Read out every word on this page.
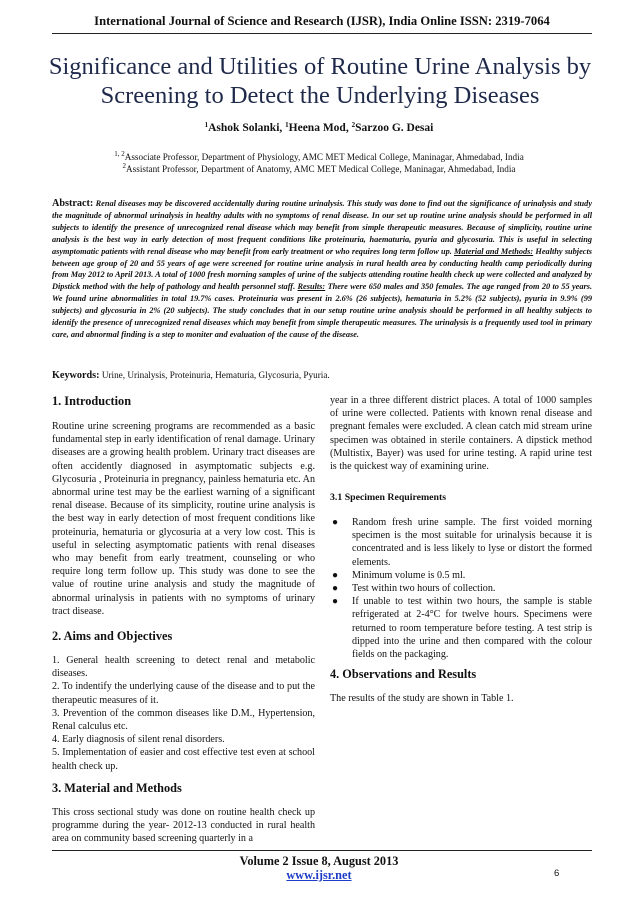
International Journal of Science and Research (IJSR), India Online ISSN: 2319-7064
Significance and Utilities of Routine Urine Analysis by Screening to Detect the Underlying Diseases
$^1$Ashok Solanki, $^1$Heena Mod, $^2$Sarzoo G. Desai
$^{1, 2}$Associate Professor, Department of Physiology, AMC MET Medical College, Maninagar, Ahmedabad, India
$^2$Assistant Professor, Department of Anatomy, AMC MET Medical College, Maninagar, Ahmedabad, India
Abstract: Renal diseases may be discovered accidentally during routine urinalysis. This study was done to find out the significance of urinalysis and study the magnitude of abnormal urinalysis in healthy adults with no symptoms of renal disease. In our set up routine urine analysis should be performed in all subjects to identify the presence of unrecognized renal disease which may benefit from simple therapeutic measures. Because of simplicity, routine urine analysis is the best way in early detection of most frequent conditions like proteinuria, haematuria, pyuria and glycosuria. This is useful in selecting asymptomatic patients with renal disease who may benefit from early treatment or who requires long term follow up. Material and Methods: Healthy subjects between age group of 20 and 55 years of age were screened for routine urine analysis in rural health area by conducting health camp periodically during from May 2012 to April 2013. A total of 1000 fresh morning samples of urine of the subjects attending routine health check up were collected and analyzed by Dipstick method with the help of pathology and health personnel staff. Results: There were 650 males and 350 females. The age ranged from 20 to 55 years. We found urine abnormalities in total 19.7% cases. Proteinuria was present in 2.6% (26 subjects), hematuria in 5.2% (52 subjects), pyuria in 9.9% (99 subjects) and glycosuria in 2% (20 subjects). The study concludes that in our setup routine urine analysis should be performed in all healthy subjects to identify the presence of unrecognized renal diseases which may benefit from simple therapeutic measures. The urinalysis is a frequently used tool in primary care, and abnormal finding is a step to moniter and evaluation of the cause of the disease.
Keywords: Urine, Urinalysis, Proteinuria, Hematuria, Glycosuria, Pyuria.
1. Introduction

Routine urine screening programs are recommended as a basic fundamental step in early identification of renal damage. Urinary diseases are a growing health problem. Urinary tract diseases are often accidently diagnosed in asymptomatic subjects e.g. Glycosuria , Proteinuria in pregnancy, painless hematuria etc. An abnormal urine test may be the earliest warning of a significant renal disease. Because of its simplicity, routine urine analysis is the best way in early detection of most frequent conditions like proteinuria, hematuria or glycosuria at a very low cost. This is useful in selecting asymptomatic patients with renal diseases who may benefit from early treatment, counseling or who require long term follow up. This study was done to see the value of routine urine analysis and study the magnitude of abnormal urinalysis in patients with no symptoms of urinary tract disease.

2. Aims and Objectives

1. General health screening to detect renal and metabolic diseases.

2. To indentify the underlying cause of the disease and to put the therapeutic measures of it.

3. Prevention of the common diseases like D.M., Hypertension, Renal calculus etc.

4. Early diagnosis of silent renal disorders.

5. Implementation of easier and cost effective test even at school health check up.

3. Material and Methods

This cross sectional study was done on routine health check up programme during the year- 2012-13 conducted in rural health area on community based screening quarterly in a

year in a three different district places. A total of 1000 samples of urine were collected. Patients with known renal disease and pregnant females were excluded. A clean catch mid stream urine specimen was obtained in sterile containers. A dipstick method (Multistix, Bayer) was used for urine testing. A rapid urine test is the quickest way of examining urine.

3.1 Specimen Requirements
● Random fresh urine sample. The first voided morning specimen is the most suitable for urinalysis because it is concentrated and is less likely to lyse or distort the formed elements.
● Minimum volume is 0.5 ml.
● Test within two hours of collection.
● If unable to test within two hours, the sample is stable refrigerated at 2-4°C for twelve hours. Specimens were returned to room temperature before testing. A test strip is dipped into the urine and then compared with the colour fields on the packaging.
4. Observations and Results

The results of the study are shown in Table 1.

Volume 2 Issue 8, August 2013
www.ijsr.net	6
